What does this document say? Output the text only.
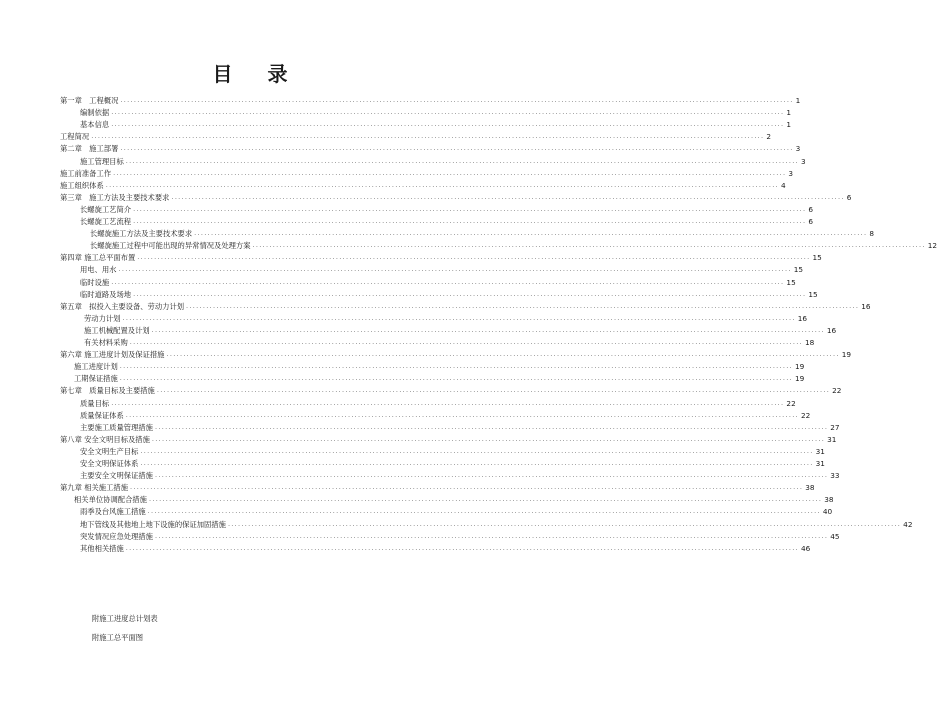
目 录
第一章　工程概况 ........................................................................................................................................................................................................ 1
编制依据 ........................................................................................................................................................................................................ 1
基本信息 ........................................................................................................................................................................................................ 1
工程简况 ........................................................................................................................................................................................................ 2
第二章　施工部署 ........................................................................................................................................................................................................ 3
施工管理目标 ........................................................................................................................................................................................................ 3
施工前准备工作 ........................................................................................................................................................................................................ 3
施工组织体系 ........................................................................................................................................................................................................ 4
第三章　施工方法及主要技术要求 ........................................................................................................................................................................................................ 6
长螺旋工艺简介 ........................................................................................................................................................................................................ 6
长螺旋工艺流程 ........................................................................................................................................................................................................ 6
长螺旋施工方法及主要技术要求 ........................................................................................................................................................................................................ 8
长螺旋施工过程中可能出现的异常情况及处理方案 ........................................................................................................................................................................................................ 12
第四章 施工总平面布置 ........................................................................................................................................................................................................ 15
用电、用水 ........................................................................................................................................................................................................ 15
临时设施 ........................................................................................................................................................................................................ 15
临时道路及场地 ........................................................................................................................................................................................................ 15
第五章　拟投入主要设备、劳动力计划 ........................................................................................................................................................................................................ 16
劳动力计划 ........................................................................................................................................................................................................ 16
施工机械配置及计划 ........................................................................................................................................................................................................ 16
有关材料采购 ........................................................................................................................................................................................................ 18
第六章 施工进度计划及保证措施 ........................................................................................................................................................................................................ 19
施工进度计划 ........................................................................................................................................................................................................ 19
工期保证措施 ........................................................................................................................................................................................................ 19
第七章　质量目标及主要措施 ........................................................................................................................................................................................................ 22
质量目标 ........................................................................................................................................................................................................ 22
质量保证体系 ........................................................................................................................................................................................................ 22
主要施工质量管理措施 ........................................................................................................................................................................................................ 27
第八章 安全文明目标及措施 ........................................................................................................................................................................................................ 31
安全文明生产目标 ........................................................................................................................................................................................................ 31
安全文明保证体系 ........................................................................................................................................................................................................ 31
主要安全文明保证措施 ........................................................................................................................................................................................................ 33
第九章 相关施工措施 ........................................................................................................................................................................................................ 38
相关单位协调配合措施 ........................................................................................................................................................................................................ 38
雨季及台风施工措施 ........................................................................................................................................................................................................ 40
地下管线及其他地上地下设施的保证加固措施 ........................................................................................................................................................................................................ 42
突发情况应急处理措施 ........................................................................................................................................................................................................ 45
其他相关措施 ........................................................................................................................................................................................................ 46
附施工进度总计划表
附施工总平面图
